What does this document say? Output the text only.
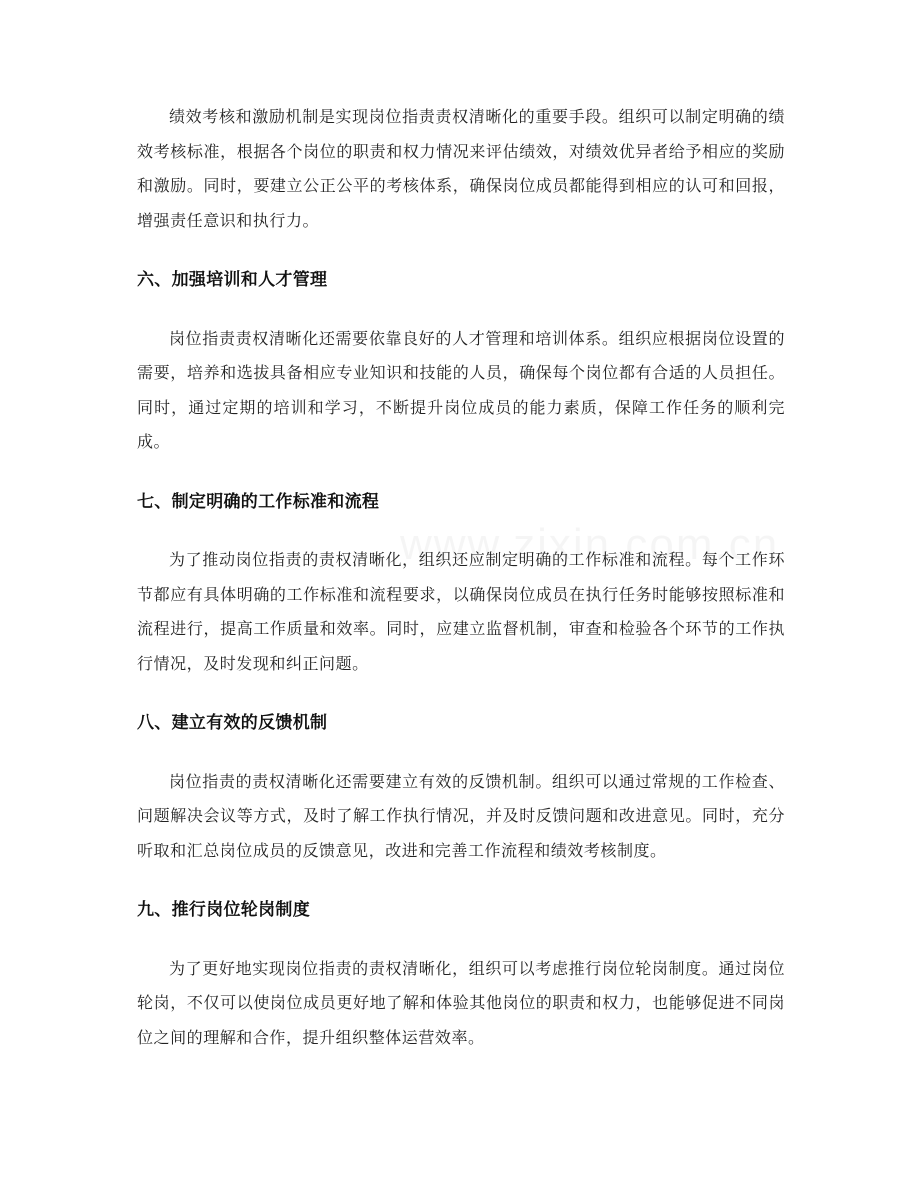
绩效考核和激励机制是实现岗位指责责权清晰化的重要手段。组织可以制定明确的绩效考核标准，根据各个岗位的职责和权力情况来评估绩效，对绩效优异者给予相应的奖励和激励。同时，要建立公正公平的考核体系，确保岗位成员都能得到相应的认可和回报，增强责任意识和执行力。

六、加强培训和人才管理

岗位指责责权清晰化还需要依靠良好的人才管理和培训体系。组织应根据岗位设置的需要，培养和选拔具备相应专业知识和技能的人员，确保每个岗位都有合适的人员担任。同时，通过定期的培训和学习，不断提升岗位成员的能力素质，保障工作任务的顺利完成。

七、制定明确的工作标准和流程

为了推动岗位指责的责权清晰化，组织还应制定明确的工作标准和流程。每个工作环节都应有具体明确的工作标准和流程要求，以确保岗位成员在执行任务时能够按照标准和流程进行，提高工作质量和效率。同时，应建立监督机制，审查和检验各个环节的工作执行情况，及时发现和纠正问题。

八、建立有效的反馈机制

岗位指责的责权清晰化还需要建立有效的反馈机制。组织可以通过常规的工作检查、问题解决会议等方式，及时了解工作执行情况，并及时反馈问题和改进意见。同时，充分听取和汇总岗位成员的反馈意见，改进和完善工作流程和绩效考核制度。

九、推行岗位轮岗制度

为了更好地实现岗位指责的责权清晰化，组织可以考虑推行岗位轮岗制度。通过岗位轮岗，不仅可以使岗位成员更好地了解和体验其他岗位的职责和权力，也能够促进不同岗位之间的理解和合作，提升组织整体运营效率。
